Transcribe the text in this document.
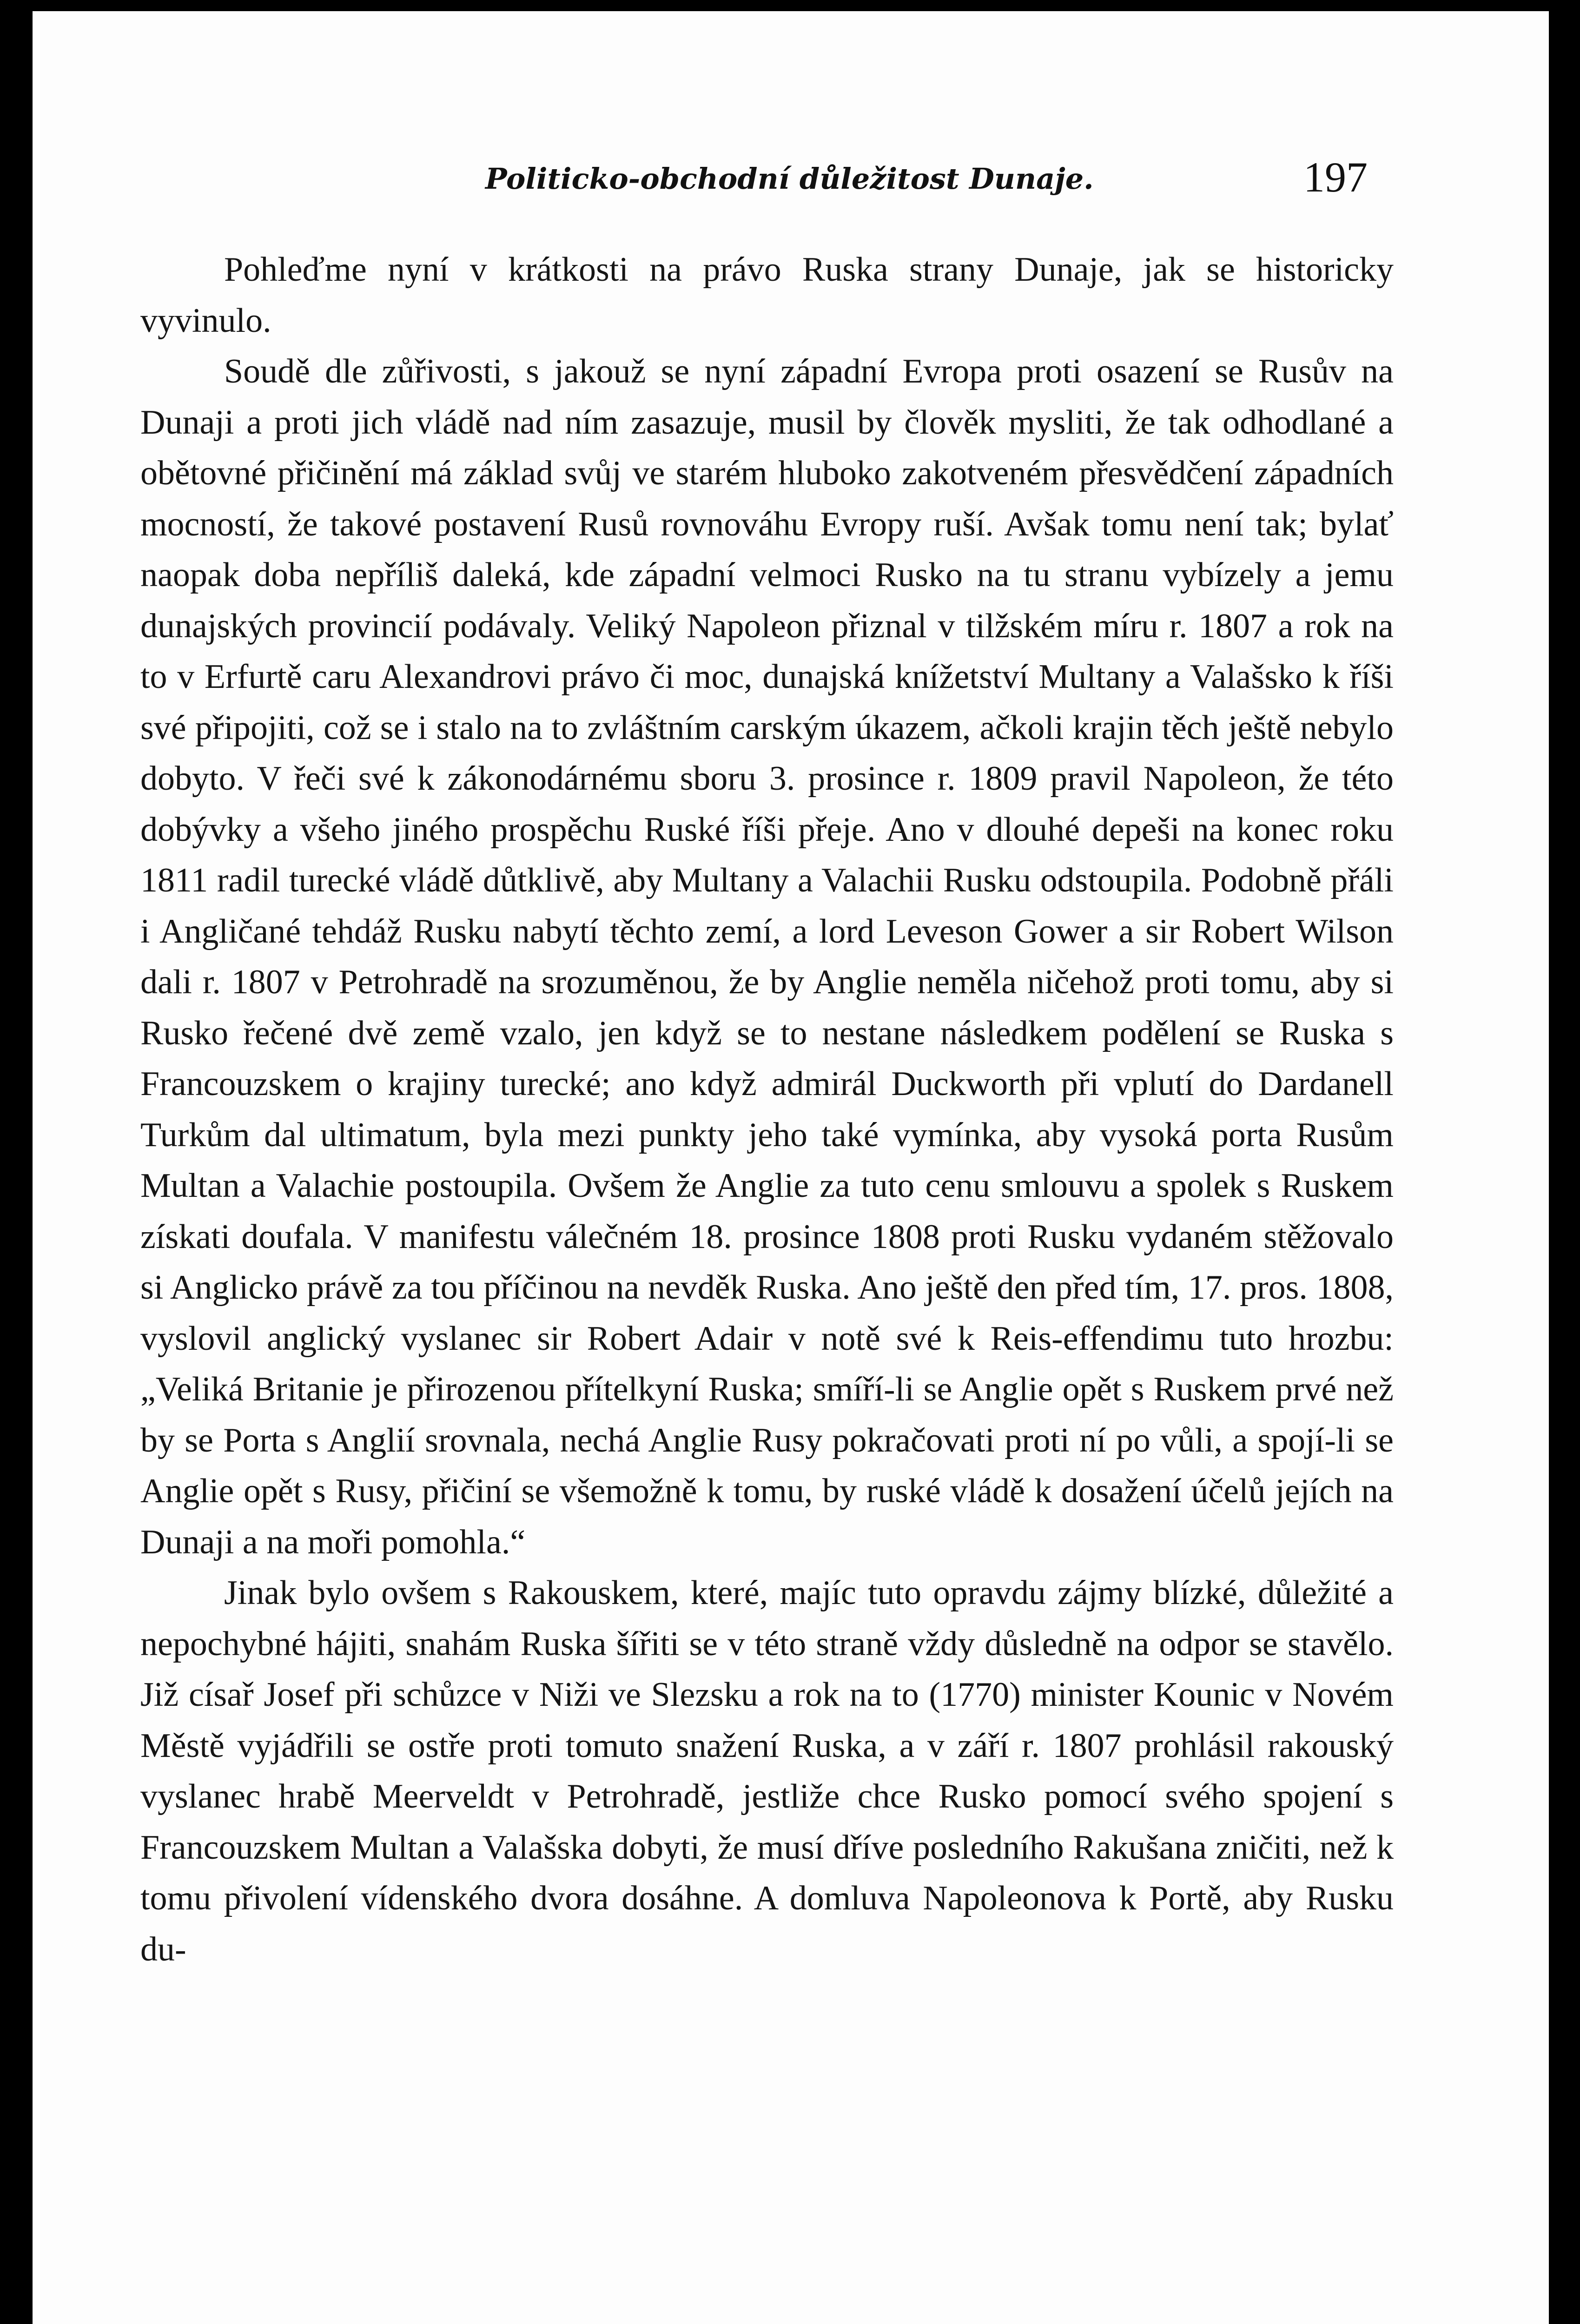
Politicko-obchodní důležitost Dunaje.	197

Pohleďme nyní v krátkosti na právo Ruska strany Dunaje, jak se historicky vyvinulo.

Soudě dle zůřivosti, s jakouž se nyní západní Evropa proti osazení se Rusův na Dunaji a proti jich vládě nad ním zasazuje, musil by člověk mysliti, že tak odhodlané a obětovné přičinění má základ svůj ve starém hluboko zakotveném přesvědčení západních mocností, že takové postavení Rusů rovnováhu Evropy ruší. Avšak tomu není tak; bylať naopak doba nepříliš daleká, kde západní velmoci Rusko na tu stranu vybízely a jemu dunajských provincií podávaly. Veliký Napoleon přiznal v tilžském míru r. 1807 a rok na to v Erfurtě caru Alexandrovi právo či moc, dunajská knížetství Multany a Valašsko k říši své připojiti, což se i stalo na to zvláštním carským úkazem, ačkoli krajin těch ještě nebylo dobyto. V řeči své k zákonodárnému sboru 3. prosince r. 1809 pravil Napoleon, že této dobývky a všeho jiného prospěchu Ruské říši přeje. Ano v dlouhé depeši na konec roku 1811 radil turecké vládě důtklivě, aby Multany a Valachii Rusku odstoupila. Podobně přáli i Angličané tehdáž Rusku nabytí těchto zemí, a lord Leveson Gower a sir Robert Wilson dali r. 1807 v Petrohradě na srozuměnou, že by Anglie neměla ničehož proti tomu, aby si Rusko řečené dvě země vzalo, jen když se to nestane následkem podělení se Ruska s Francouzskem o krajiny turecké; ano když admirál Duckworth při vplutí do Dardanell Turkům dal ultimatum, byla mezi punkty jeho také vymínka, aby vysoká porta Rusům Multan a Valachie postoupila. Ovšem že Anglie za tuto cenu smlouvu a spolek s Ruskem získati doufala. V manifestu válečném 18. prosince 1808 proti Rusku vydaném stěžovalo si Anglicko právě za tou příčinou na nevděk Ruska. Ano ještě den před tím, 17. pros. 1808, vyslovil anglický vyslanec sir Robert Adair v notě své k Reis-effendimu tuto hrozbu: „Veliká Britanie je přirozenou přítelkyní Ruska; smíří-li se Anglie opět s Ruskem prvé než by se Porta s Anglií srovnala, nechá Anglie Rusy pokračovati proti ní po vůli, a spojí-li se Anglie opět s Rusy, přičiní se všemožně k tomu, by ruské vládě k dosažení účelů jejích na Dunaji a na moři pomohla.“

Jinak bylo ovšem s Rakouskem, které, majíc tuto opravdu zájmy blízké, důležité a nepochybné hájiti, snahám Ruska šířiti se v této straně vždy důsledně na odpor se stavělo. Již císař Josef při schůzce v Niži ve Slezsku a rok na to (1770) minister Kounic v Novém Městě vyjádřili se ostře proti tomuto snažení Ruska, a v září r. 1807 prohlásil rakouský vyslanec hrabě Meerveldt v Petrohradě, jestliže chce Rusko pomocí svého spojení s Francouzskem Multan a Valašska dobyti, že musí dříve posledního Rakušana zničiti, než k tomu přivolení vídenského dvora dosáhne. A domluva Napoleonova k Portě, aby Rusku du-
